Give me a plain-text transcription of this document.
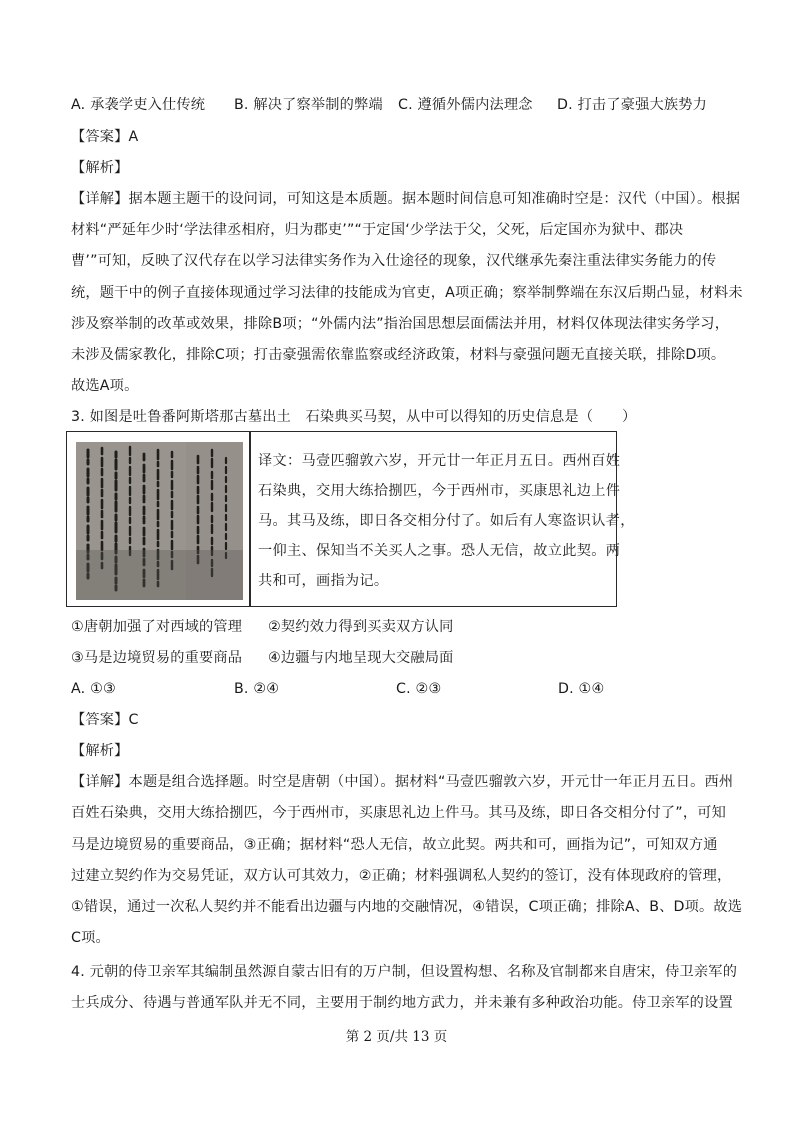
A. 承袭学吏入仕传统 B. 解决了察举制的弊端 C. 遵循外儒内法理念 D. 打击了豪强大族势力
【答案】A
【解析】
【详解】据本题主题干的设问词，可知这是本质题。据本题时间信息可知准确时空是：汉代（中国）。根据
材料“严延年少时‘学法律丞相府，归为郡吏’”“于定国‘少学法于父，父死，后定国亦为狱中、郡决
曹’”可知，反映了汉代存在以学习法律实务作为入仕途径的现象，汉代继承先秦注重法律实务能力的传
统，题干中的例子直接体现通过学习法律的技能成为官吏，A项正确；察举制弊端在东汉后期凸显，材料未
涉及察举制的改革或效果，排除B项；“外儒内法”指治国思想层面儒法并用，材料仅体现法律实务学习，
未涉及儒家教化，排除C项；打击豪强需依靠监察或经济政策，材料与豪强问题无直接关联，排除D项。
故选A项。
3. 如图是吐鲁番阿斯塔那古墓出土　石染典买马契，从中可以得知的历史信息是（　　）
译文：马壹匹骝敦六岁，开元廿一年正月五日。西州百姓
石染典，交用大练拾捌匹，今于西州市，买康思礼边上件
马。其马及练，即日各交相分付了。如后有人寒盗识认者，
一仰主、保知当不关买人之事。恐人无信，故立此契。两
共和可，画指为记。
①唐朝加强了对西域的管理 ②契约效力得到买卖双方认同
③马是边境贸易的重要商品 ④边疆与内地呈现大交融局面
A. ①③	B. ②④	C. ②③	D. ①④
【答案】C
【解析】
【详解】本题是组合选择题。时空是唐朝（中国）。据材料“马壹匹骝敦六岁，开元廿一年正月五日。西州
百姓石染典，交用大练拾捌匹，今于西州市，买康思礼边上件马。其马及练，即日各交相分付了”，可知
马是边境贸易的重要商品，③正确；据材料“恐人无信，故立此契。两共和可，画指为记”，可知双方通
过建立契约作为交易凭证，双方认可其效力，②正确；材料强调私人契约的签订，没有体现政府的管理，
①错误，通过一次私人契约并不能看出边疆与内地的交融情况，④错误，C项正确；排除A、B、D项。故选
C项。
4. 元朝的侍卫亲军其编制虽然源自蒙古旧有的万户制，但设置构想、名称及官制都来自唐宋，侍卫亲军的
士兵成分、待遇与普通军队并无不同，主要用于制约地方武力，并未兼有多种政治功能。侍卫亲军的设置
第 2 页/共 13 页
